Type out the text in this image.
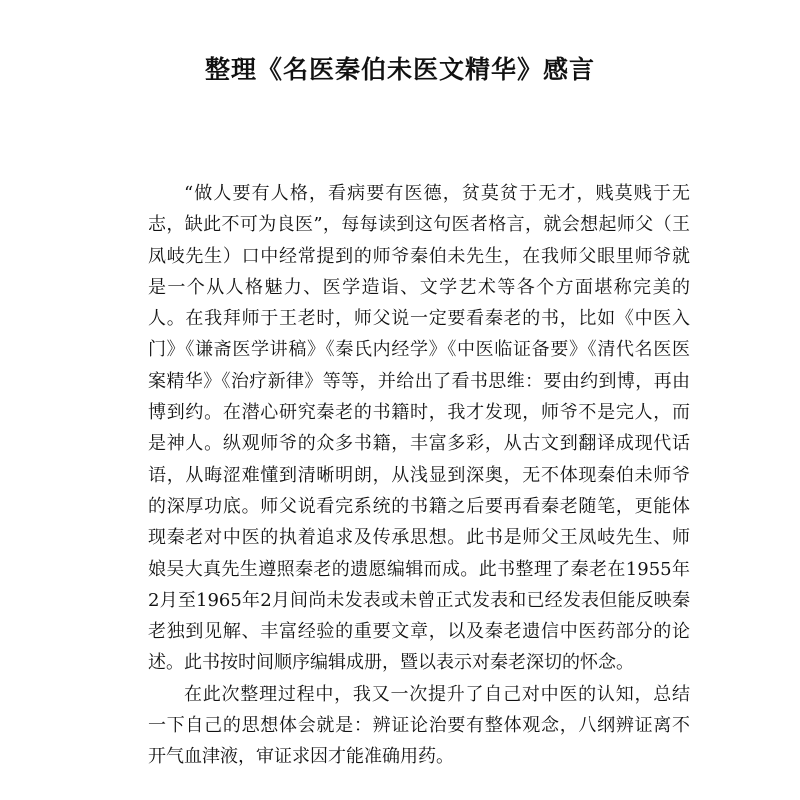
整理《名医秦伯未医文精华》感言

“做人要有人格，看病要有医德，贫莫贫于无才，贱莫贱于无
志，缺此不可为良医”，每每读到这句医者格言，就会想起师父（王
凤岐先生）口中经常提到的师爷秦伯未先生，在我师父眼里师爷就
是一个从人格魅力、医学造诣、文学艺术等各个方面堪称完美的
人。在我拜师于王老时，师父说一定要看秦老的书，比如《中医入
门》《谦斋医学讲稿》《秦氏内经学》《中医临证备要》《清代名医医
案精华》《治疗新律》等等，并给出了看书思维：要由约到博，再由
博到约。在潜心研究秦老的书籍时，我才发现，师爷不是完人，而
是神人。纵观师爷的众多书籍，丰富多彩，从古文到翻译成现代话
语，从晦涩难懂到清晰明朗，从浅显到深奥，无不体现秦伯未师爷
的深厚功底。师父说看完系统的书籍之后要再看秦老随笔，更能体
现秦老对中医的执着追求及传承思想。此书是师父王凤岐先生、师
娘吴大真先生遵照秦老的遗愿编辑而成。此书整理了秦老在1955年
2月至1965年2月间尚未发表或未曾正式发表和已经发表但能反映秦
老独到见解、丰富经验的重要文章，以及秦老遗信中医药部分的论
述。此书按时间顺序编辑成册，暨以表示对秦老深切的怀念。

在此次整理过程中，我又一次提升了自己对中医的认知，总结
一下自己的思想体会就是：辨证论治要有整体观念，八纲辨证离不
开气血津液，审证求因才能准确用药。
